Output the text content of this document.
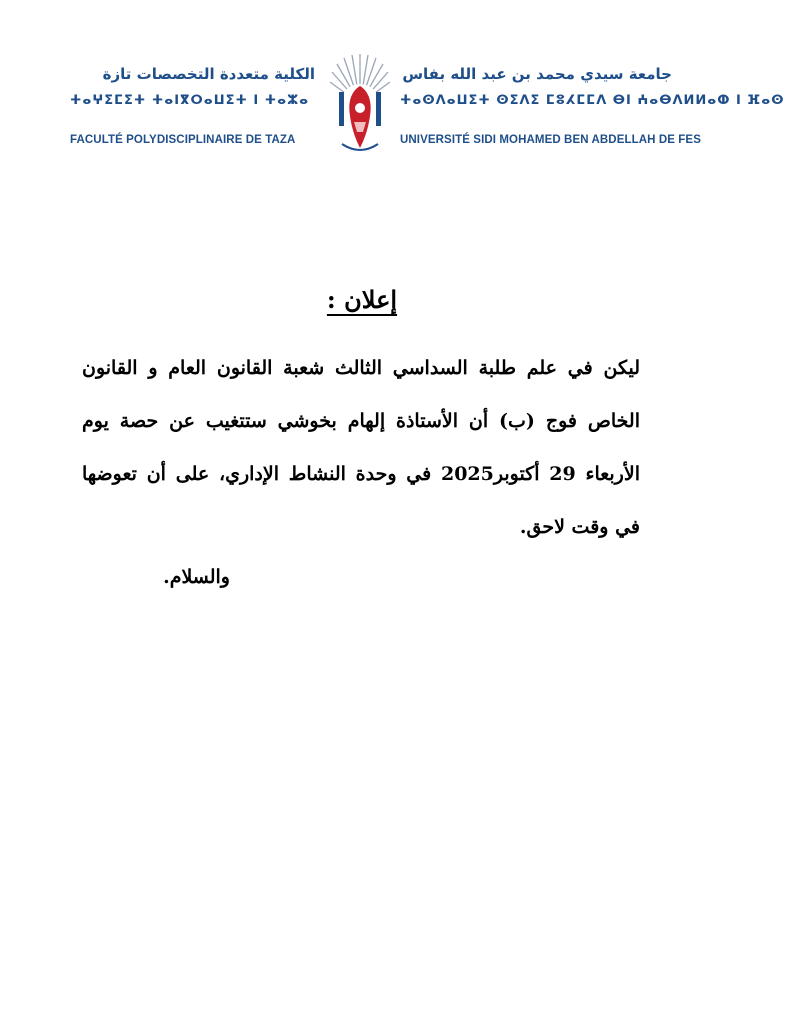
الكلية متعددة التخصصات تازة
ⵜⴰⵖⵉⵎⵉⵜ ⵜⴰⵏⴳⵔⴰⵡⵉⵜ ⵏ ⵜⴰⵣⴰ
FACULTÉ POLYDISCIPLINAIRE DE TAZA
جامعة سيدي محمد بن عبد الله بفاس
ⵜⴰⵙⴷⴰⵡⵉⵜ ⵙⵉⴷⵉ ⵎⵓⵃⵎⵎⴷ ⴱⵏ ⵄⴰⴱⴷⵍⵍⴰⵀ ⵏ ⴼⴰⵙ
UNIVERSITÉ SIDI MOHAMED BEN ABDELLAH DE FES
إعلان :
ليكن في علم طلبة السداسي الثالث شعبة القانون العام و القانون الخاص فوج (ب) أن الأستاذة إلهام بخوشي ستتغيب عن حصة يوم الأربعاء 29 أكتوبر2025 في وحدة النشاط الإداري، على أن تعوضها في وقت لاحق.
والسلام.
